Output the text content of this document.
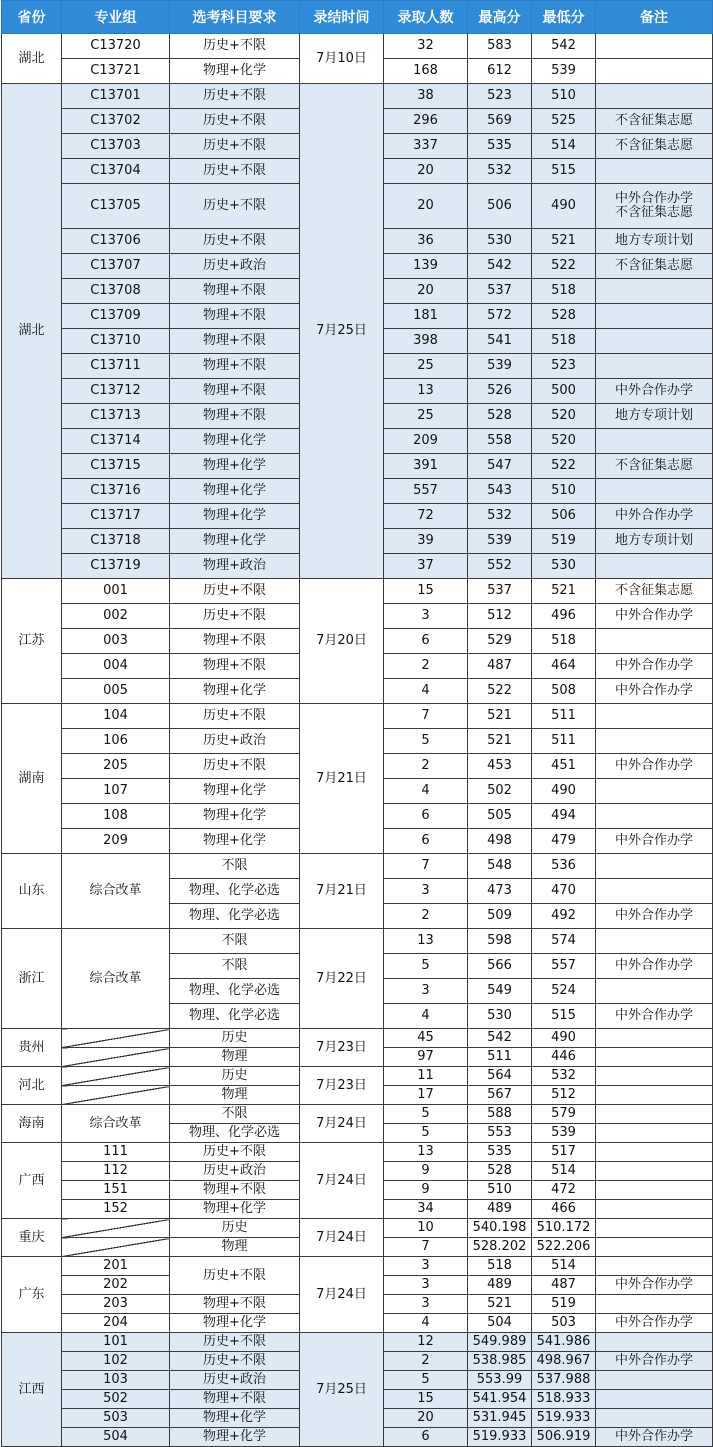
省份	专业组	选考科目要求	录结时间	录取人数	最高分	最低分	备注
湖北	C13720	历史+不限	7月10日	32	583	542	
	C13721	物理+化学		168	612	539	
湖北	C13701	历史+不限	7月25日	38	523	510	
	C13702	历史+不限		296	569	525	不含征集志愿
	C13703	历史+不限		337	535	514	不含征集志愿
	C13704	历史+不限		20	532	515	
	C13705	历史+不限		20	506	490	中外合作办学
不含征集志愿

	C13706	历史+不限		36	530	521	地方专项计划
	C13707	历史+政治		139	542	522	不含征集志愿
	C13708	物理+不限		20	537	518	
	C13709	物理+不限		181	572	528	
	C13710	物理+不限		398	541	518	
	C13711	物理+不限		25	539	523	
	C13712	物理+不限		13	526	500	中外合作办学
	C13713	物理+不限		25	528	520	地方专项计划
	C13714	物理+化学		209	558	520	
	C13715	物理+化学		391	547	522	不含征集志愿
	C13716	物理+化学		557	543	510	
	C13717	物理+化学		72	532	506	中外合作办学
	C13718	物理+化学		39	539	519	地方专项计划
	C13719	物理+政治		37	552	530	
江苏	001	历史+不限	7月20日	15	537	521	不含征集志愿
	002	历史+不限		3	512	496	中外合作办学
	003	物理+不限		6	529	518	
	004	物理+不限		2	487	464	中外合作办学
	005	物理+化学		4	522	508	中外合作办学
湖南	104	历史+不限	7月21日	7	521	511	
	106	历史+政治		5	521	511	
	205	历史+不限		2	453	451	中外合作办学
	107	物理+化学		4	502	490	
	108	物理+化学		6	505	494	
	209	物理+化学		6	498	479	中外合作办学
山东	综合改革	不限	7月21日	7	548	536	
		物理、化学必选		3	473	470	
		物理、化学必选		2	509	492	中外合作办学
浙江	综合改革	不限	7月22日	13	598	574	
		不限		5	566	557	中外合作办学
		物理、化学必选		3	549	524	
		物理、化学必选		4	530	515	中外合作办学
贵州		历史	7月23日	45	542	490	
		物理		97	511	446	
河北		历史	7月23日	11	564	532	
		物理		17	567	512	
海南	综合改革	不限	7月24日	5	588	579	
		物理、化学必选		5	553	539	
广西	111	历史+不限	7月24日	13	535	517	
	112	历史+政治		9	528	514	
	151	物理+不限		9	510	472	
	152	物理+化学		34	489	466	
重庆		历史	7月24日	10	540.198	510.172	
		物理		7	528.202	522.206	
广东	201	历史+不限	7月24日	3	518	514	
	202			3	489	487	中外合作办学
	203	物理+不限		3	521	519	
	204	物理+化学		4	504	503	中外合作办学
江西	101	历史+不限	7月25日	12	549.989	541.986	
	102	历史+不限		2	538.985	498.967	中外合作办学
	103	历史+政治		5	553.99	537.988	
	502	物理+不限		15	541.954	518.933	
	503	物理+化学		20	531.945	519.933	
	504	物理+化学		6	519.933	506.919	中外合作办学
